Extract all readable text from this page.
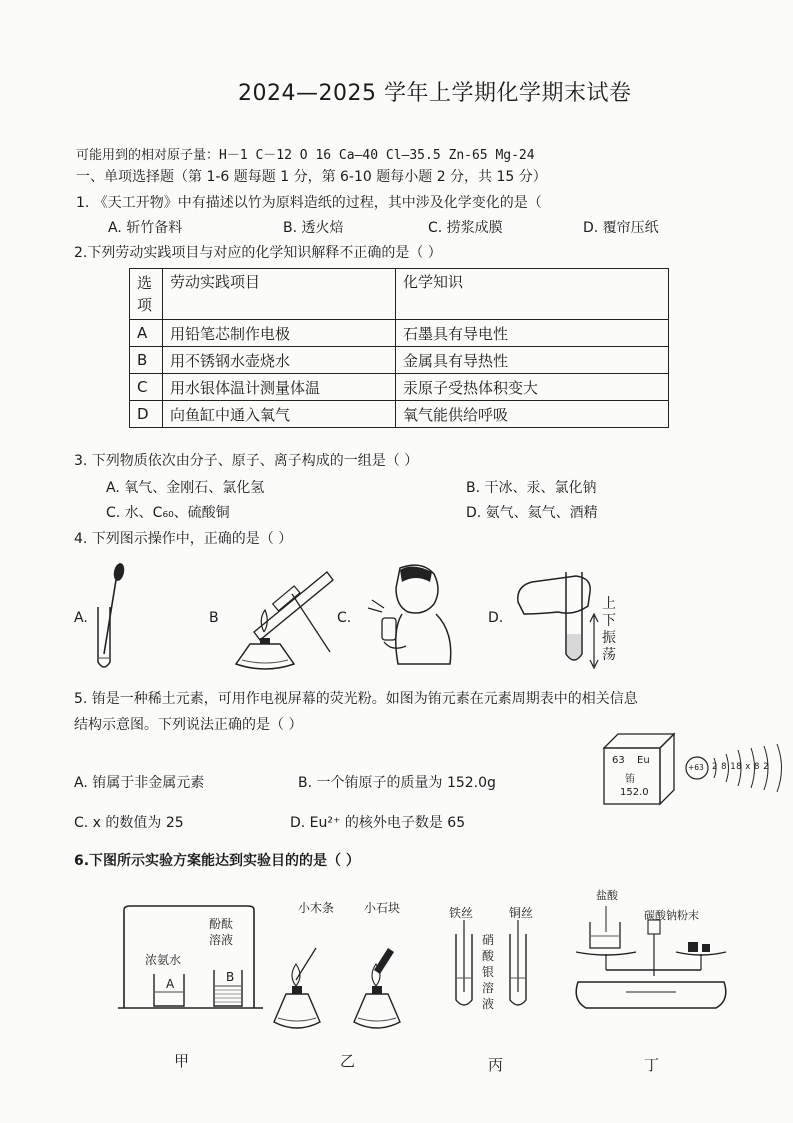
2024—2025 学年上学期化学期末试卷
可能用到的相对原子量：H－1 C－12 O 16 Ca—40 Cl—35.5 Zn-65 Mg-24
一、单项选择题（第 1-6 题每题 1 分，第 6-10 题每小题 2 分，共 15 分）
1. 《天工开物》中有描述以竹为原料造纸的过程，其中涉及化学变化的是（
A. 斩竹备料	B. 透火焙	C. 捞浆成膜	D. 覆帘压纸
2.下列劳动实践项目与对应的化学知识解释不正确的是（ ）
选项	劳动实践项目	化学知识
A	用铅笔芯制作电极	石墨具有导电性
B	用不锈钢水壶烧水	金属具有导热性
C	用水银体温计测量体温	汞原子受热体积变大
D	向鱼缸中通入氧气	氧气能供给呼吸
3. 下列物质依次由分子、原子、离子构成的一组是（ ）
A. 氧气、金刚石、氯化氢	B. 干冰、汞、氯化钠
C. 水、C₆₀、硫酸铜	D. 氨气、氦气、酒精
4. 下列图示操作中，正确的是（ ）
A.	B	C.	D.
上下振荡
5. 铕是一种稀土元素，可用作电视屏幕的荧光粉。如图为铕元素在元素周期表中的相关信息
结构示意图。下列说法正确的是（ ）
A. 铕属于非金属元素	B. 一个铕原子的质量为 152.0g
C. x 的数值为 25	D. Eu²⁺ 的核外电子数是 65
63 Eu
铕
152.0
+63 2 8 18 x 8 2
6.下图所示实验方案能达到实验目的的是（ ）
浓氨水
酚酞溶液
A	B
甲
小木条 小石块
乙
铁丝	铜丝
硝酸银溶液
丙
盐酸
碳酸钠粉末
丁
